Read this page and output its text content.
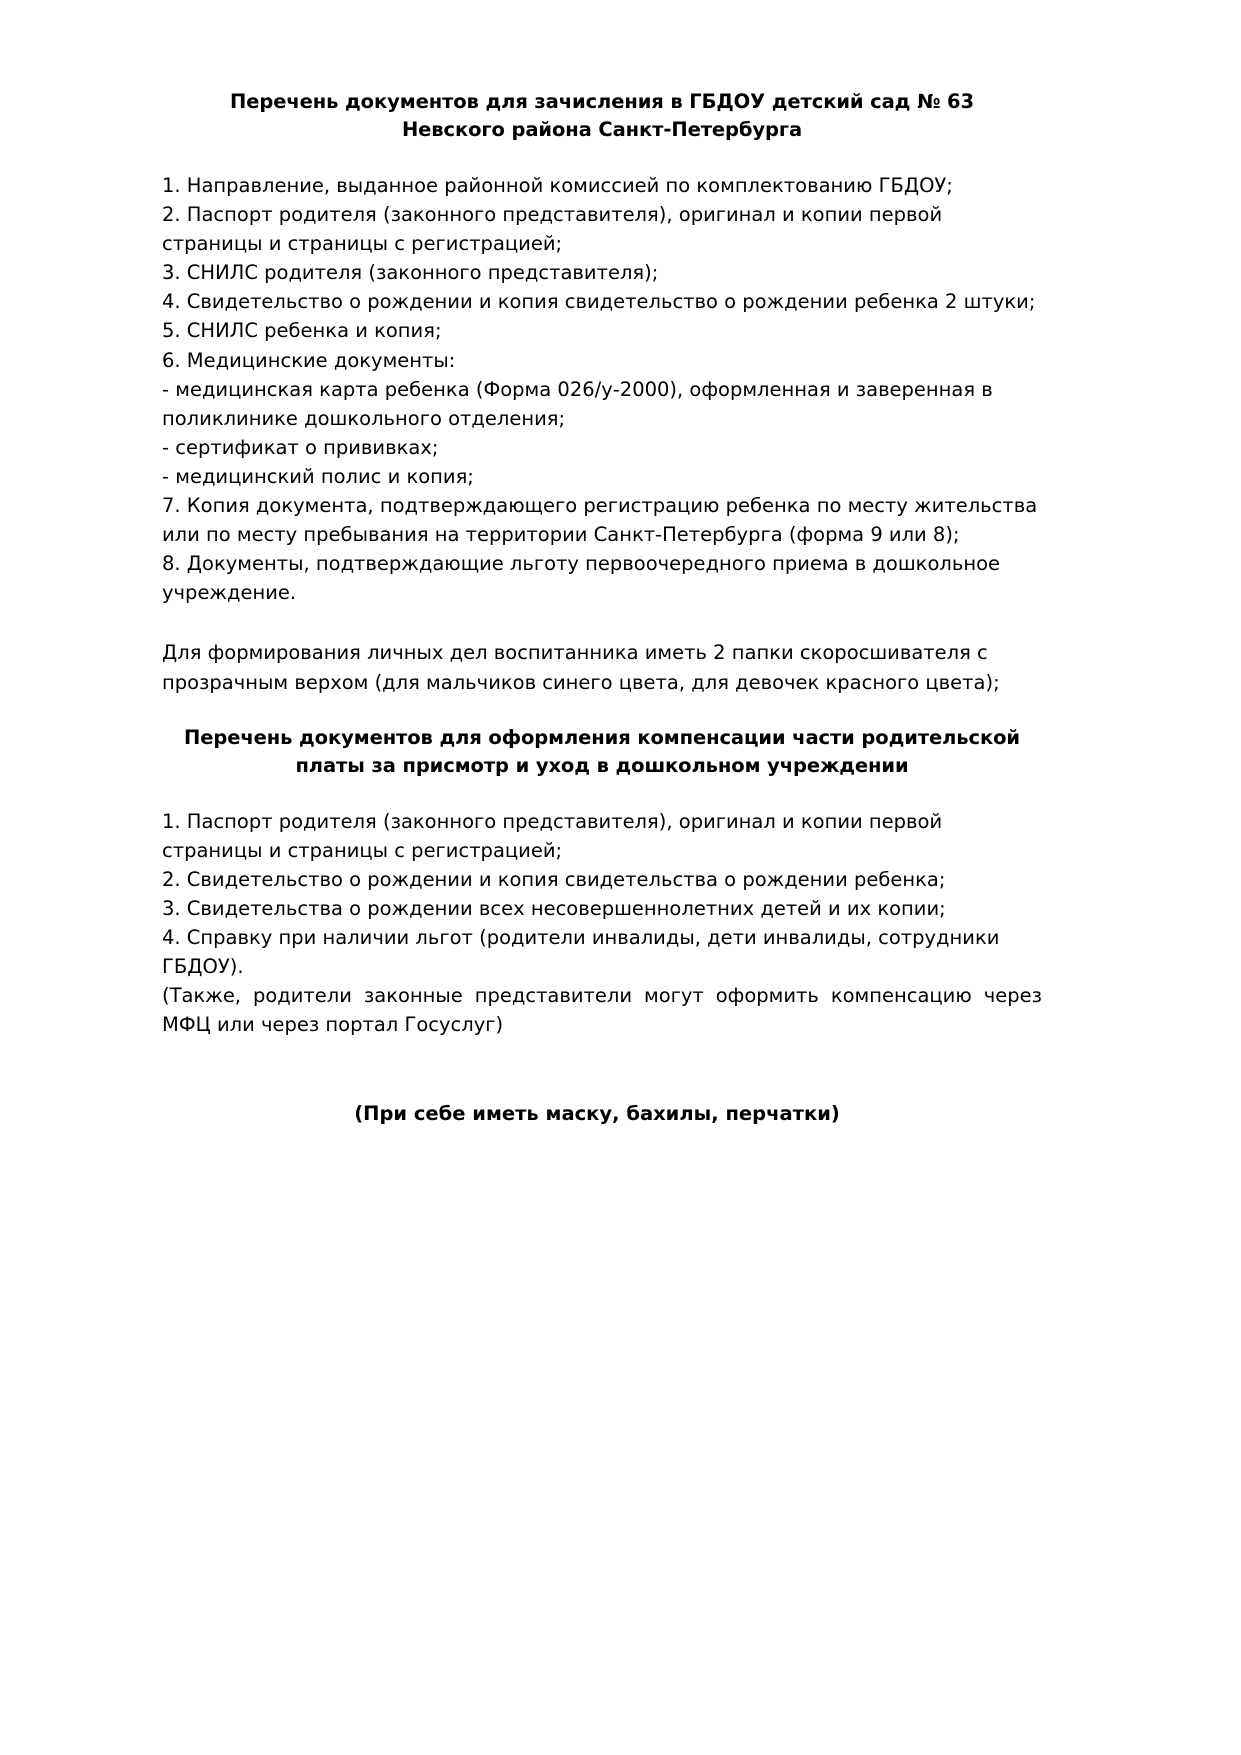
Перечень документов для зачисления в ГБДОУ детский сад № 63 Невского района Санкт-Петербурга
1. Направление, выданное районной комиссией по комплектованию ГБДОУ;
2. Паспорт родителя (законного представителя), оригинал и копии первой страницы и страницы с регистрацией;
3. СНИЛС родителя (законного представителя);
4. Свидетельство о рождении и копия свидетельство о рождении ребенка 2 штуки;
5. СНИЛС ребенка и копия;
6. Медицинские документы:
- медицинская карта ребенка (Форма 026/у-2000), оформленная и заверенная в поликлинике дошкольного отделения;
- сертификат о прививках;
- медицинский полис и копия;
7. Копия документа, подтверждающего регистрацию ребенка по месту жительства или по месту пребывания на территории Санкт-Петербурга (форма 9 или 8);
8. Документы, подтверждающие льготу первоочередного приема в дошкольное учреждение.

Для формирования личных дел воспитанника иметь 2 папки скоросшивателя с прозрачным верхом (для мальчиков синего цвета, для девочек красного цвета);

Перечень документов для оформления компенсации части родительской платы за присмотр и уход в дошкольном учреждении
1. Паспорт родителя (законного представителя), оригинал и копии первой страницы и страницы с регистрацией;
2. Свидетельство о рождении и копия свидетельства о рождении ребенка;
3. Свидетельства о рождении всех несовершеннолетних детей и их копии;
4. Справку при наличии льгот (родители инвалиды, дети инвалиды, сотрудники ГБДОУ).

(Также, родители законные представители могут оформить компенсацию через МФЦ или через портал Госуслуг)

(При себе иметь маску, бахилы, перчатки)
